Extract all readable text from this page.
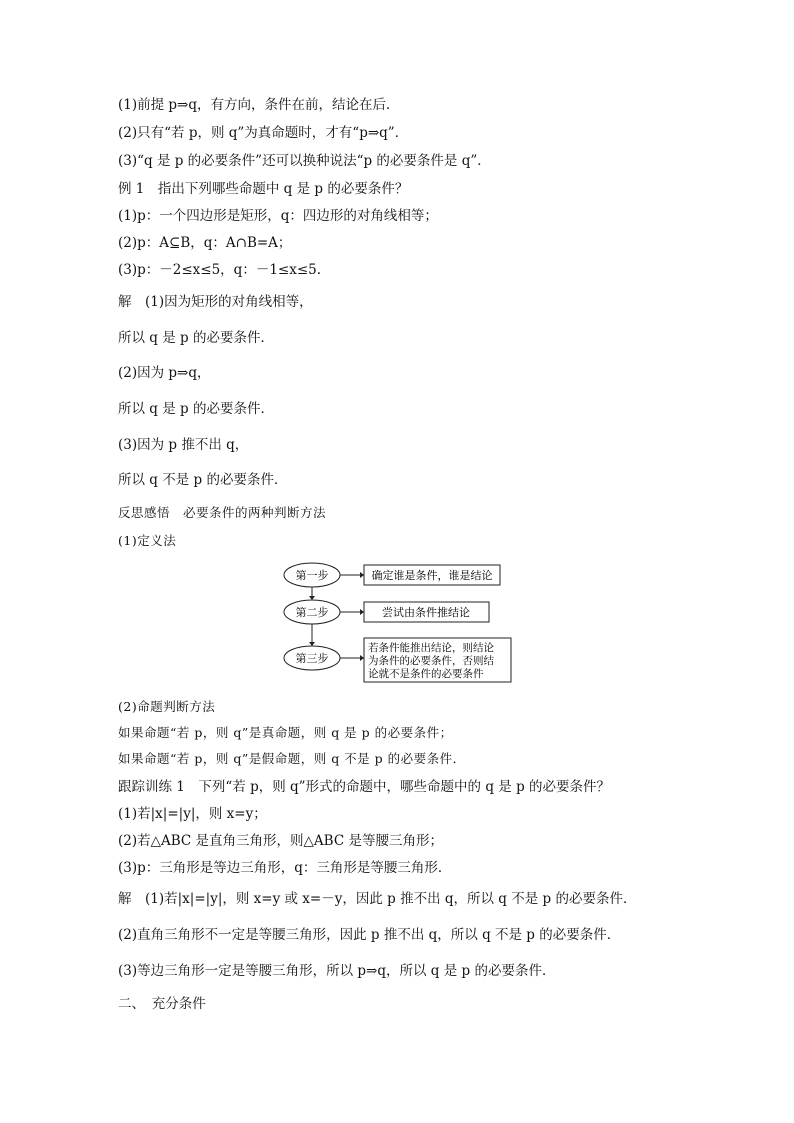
(1)前提 p⇒q，有方向，条件在前，结论在后．
(2)只有“若 p，则 q”为真命题时，才有“p⇒q”．
(3)“q 是 p 的必要条件”还可以换种说法“p 的必要条件是 q”．
例 1　指出下列哪些命题中 q 是 p 的必要条件？
(1)p：一个四边形是矩形，q：四边形的对角线相等；
(2)p：A⊆B，q：A∩B=A；
(3)p：－2≤x≤5，q：－1≤x≤5.
解　(1)因为矩形的对角线相等，
所以 q 是 p 的必要条件．
(2)因为 p⇒q，
所以 q 是 p 的必要条件．
(3)因为 p 推不出 q，
所以 q 不是 p 的必要条件．
反思感悟　必要条件的两种判断方法
(1)定义法
第一步
第二步
第三步
确定谁是条件，谁是结论
尝试由条件推结论
若条件能推出结论，则结论
为条件的必要条件，否则结
论就不是条件的必要条件
(2)命题判断方法
如果命题“若 p，则 q”是真命题，则 q 是 p 的必要条件；
如果命题“若 p，则 q”是假命题，则 q 不是 p 的必要条件．
跟踪训练 1　下列“若 p，则 q”形式的命题中，哪些命题中的 q 是 p 的必要条件？
(1)若|x|=|y|，则 x=y；
(2)若△ABC 是直角三角形，则△ABC 是等腰三角形；
(3)p：三角形是等边三角形，q：三角形是等腰三角形．
解　(1)若|x|=|y|，则 x=y 或 x=－y，因此 p 推不出 q，所以 q 不是 p 的必要条件．
(2)直角三角形不一定是等腰三角形，因此 p 推不出 q，所以 q 不是 p 的必要条件．
(3)等边三角形一定是等腰三角形，所以 p⇒q，所以 q 是 p 的必要条件．
二、　充分条件
